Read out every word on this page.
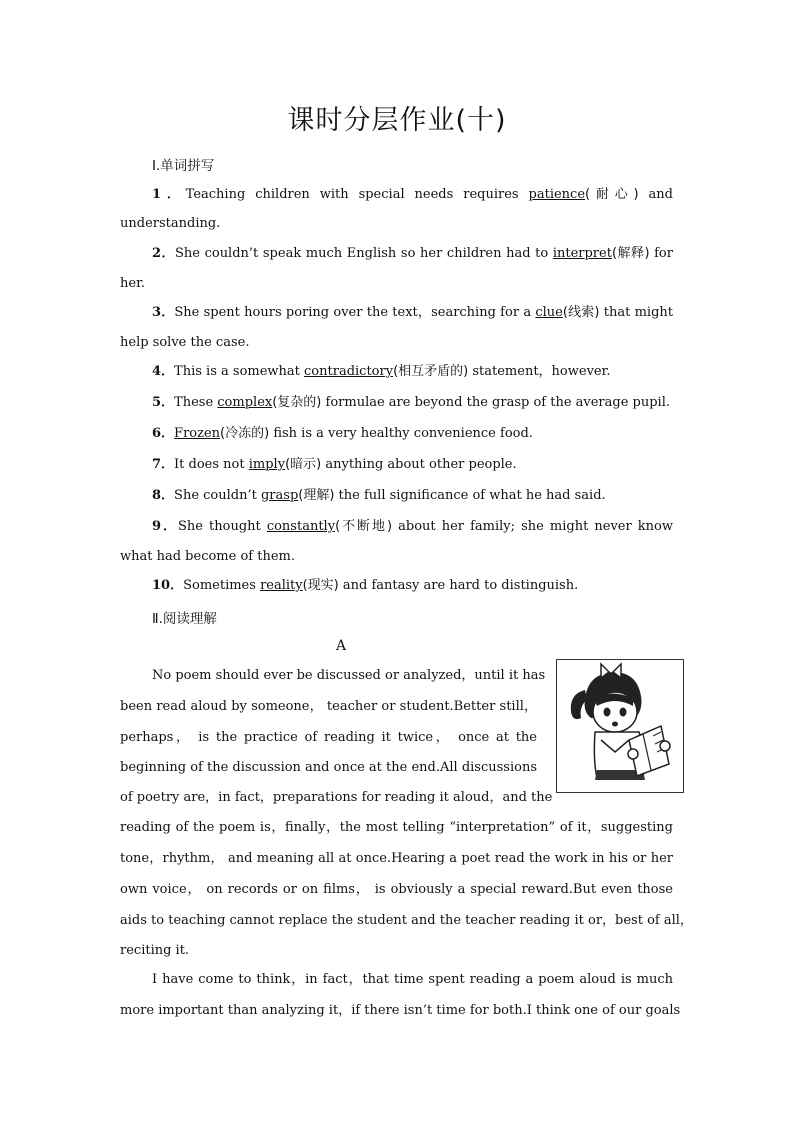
课时分层作业(十)
Ⅰ.单词拼写
1．Teaching children with special needs requires patience(耐心) and
understanding.
2．She couldn’t speak much English so her children had to interpret(解释) for
her.
3．She spent hours poring over the text，searching for a clue(线索) that might
help solve the case.
4．This is a somewhat contradictory(相互矛盾的) statement，however.
5．These complex(复杂的) formulae are beyond the grasp of the average pupil.
6．Frozen(冷冻的) fish is a very healthy convenience food.
7．It does not imply(暗示) anything about other people.
8．She couldn’t grasp(理解) the full significance of what he had said.
9．She thought constantly(不断地) about her family; she might never know
what had become of them.
10．Sometimes reality(现实) and fantasy are hard to distinguish.
Ⅱ.阅读理解
A
No poem should ever be discussed or analyzed，until it has
been read aloud by someone， teacher or student.Better still，
perhaps， is the practice of reading it twice， once at the
beginning of the discussion and once at the end.All discussions
of poetry are，in fact，preparations for reading it aloud，and the
reading of the poem is，finally，the most telling “interpretation” of it，suggesting
tone，rhythm， and meaning all at once.Hearing a poet read the work in his or her
own voice， on records or on films， is obviously a special reward.But even those
aids to teaching cannot replace the student and the teacher reading it or，best of all，
reciting it.
I have come to think，in fact，that time spent reading a poem aloud is much
more important than analyzing it，if there isn’t time for both.I think one of our goals
